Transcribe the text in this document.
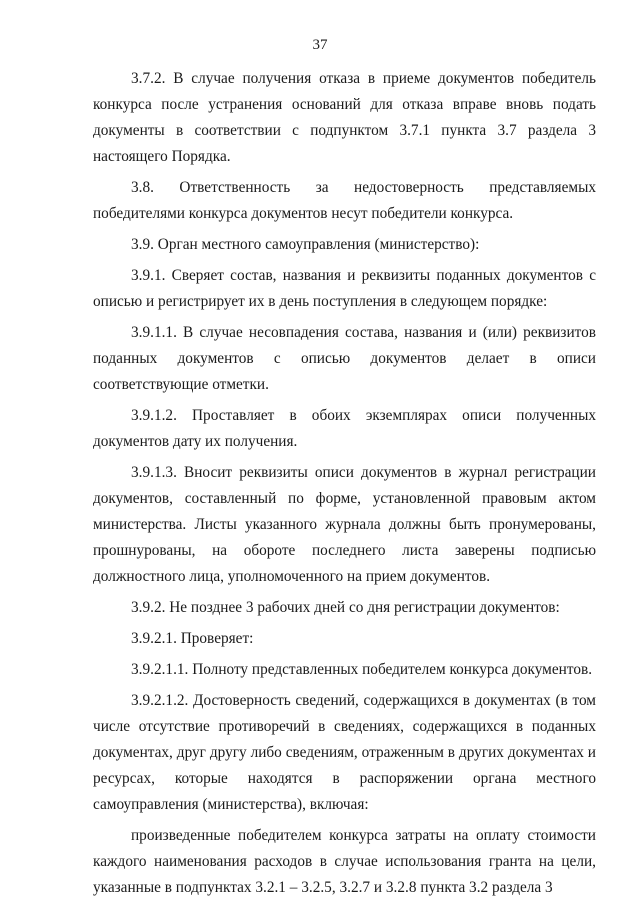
37

3.7.2. В случае получения отказа в приеме документов победитель конкурса после устранения оснований для отказа вправе вновь подать документы в соответствии с подпунктом 3.7.1 пункта 3.7 раздела 3 настоящего Порядка.

3.8. Ответственность за недостоверность представляемых победителями конкурса документов несут победители конкурса.

3.9. Орган местного самоуправления (министерство):

3.9.1. Сверяет состав, названия и реквизиты поданных документов с описью и регистрирует их в день поступления в следующем порядке:

3.9.1.1. В случае несовпадения состава, названия и (или) реквизитов поданных документов с описью документов делает в описи соответствующие отметки.

3.9.1.2. Проставляет в обоих экземплярах описи полученных документов дату их получения.

3.9.1.3. Вносит реквизиты описи документов в журнал регистрации документов, составленный по форме, установленной правовым актом министерства. Листы указанного журнала должны быть пронумерованы, прошнурованы, на обороте последнего листа заверены подписью должностного лица, уполномоченного на прием документов.

3.9.2. Не позднее 3 рабочих дней со дня регистрации документов:

3.9.2.1. Проверяет:

3.9.2.1.1. Полноту представленных победителем конкурса документов.

3.9.2.1.2. Достоверность сведений, содержащихся в документах (в том числе отсутствие противоречий в сведениях, содержащихся в поданных документах, друг другу либо сведениям, отраженным в других документах и ресурсах, которые находятся в распоряжении органа местного самоуправления (министерства), включая:

произведенные победителем конкурса затраты на оплату стоимости каждого наименования расходов в случае использования гранта на цели, указанные в подпунктах 3.2.1 – 3.2.5, 3.2.7 и 3.2.8 пункта 3.2 раздела 3
